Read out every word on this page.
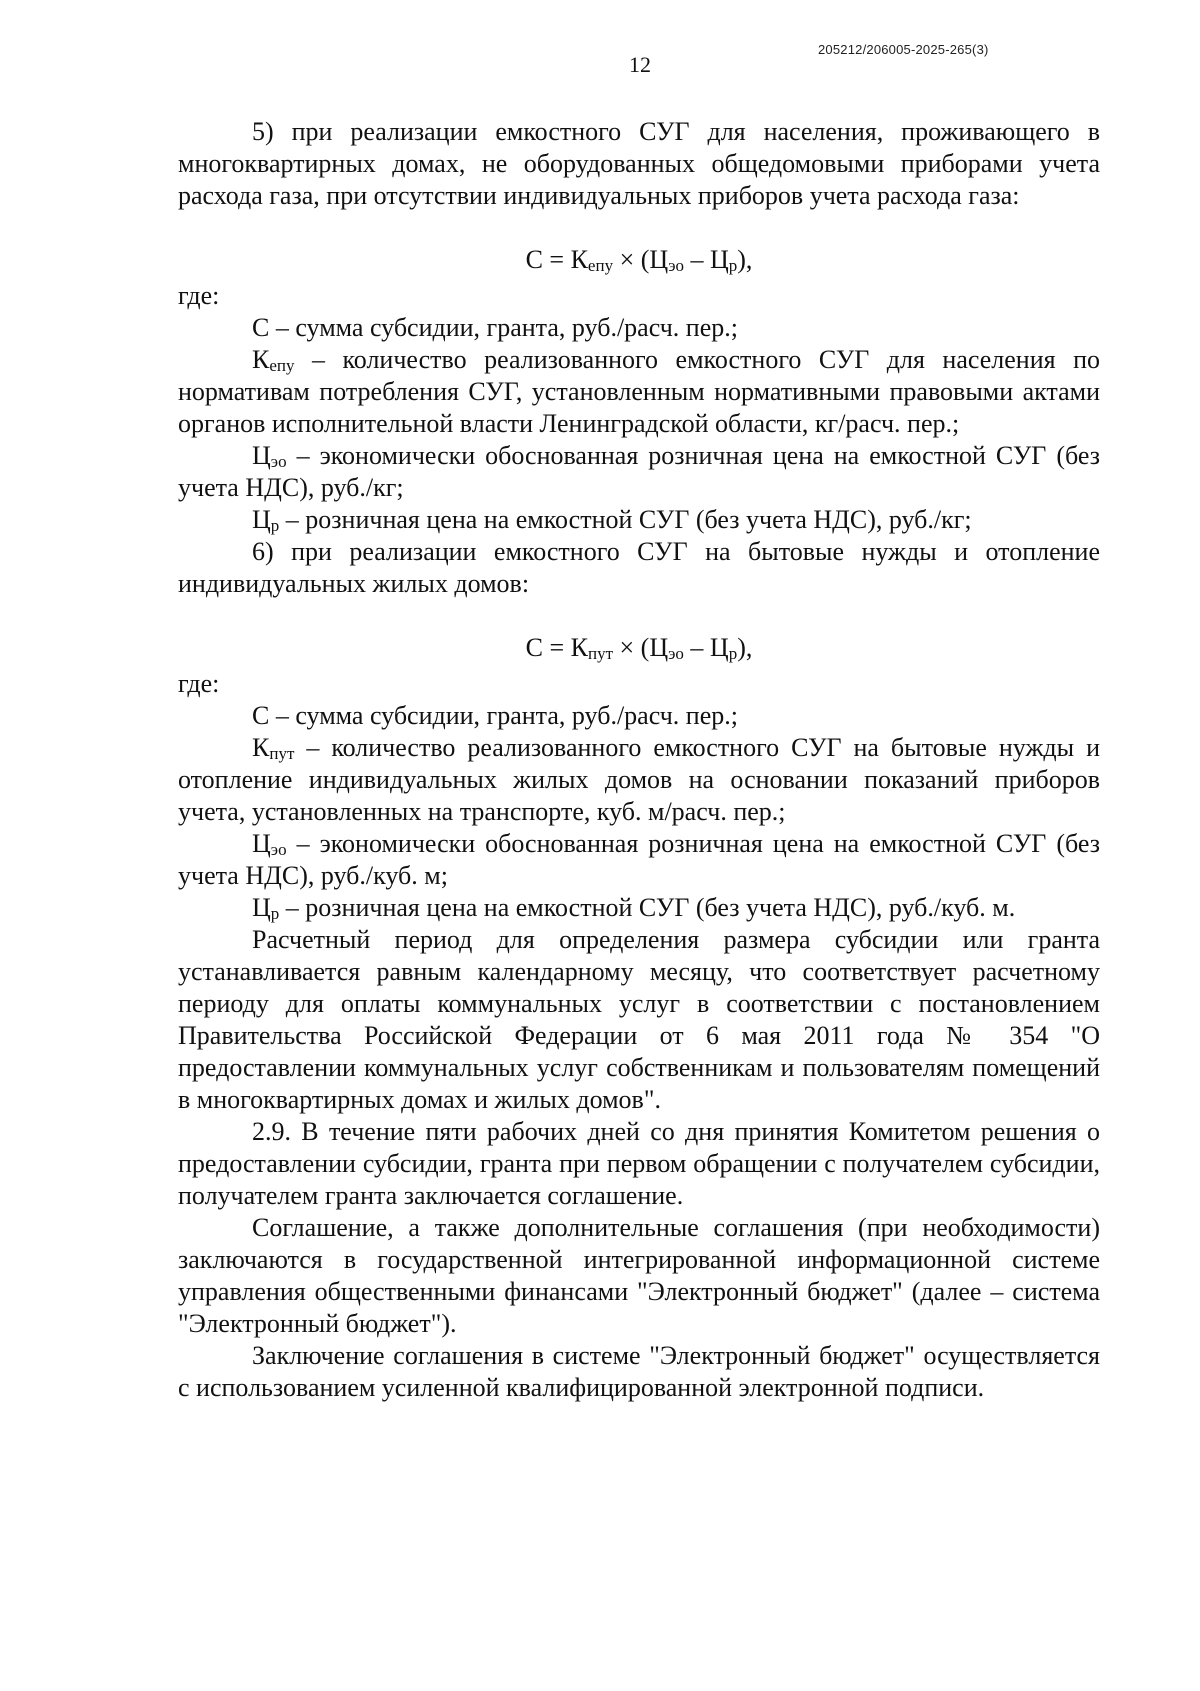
12
205212/206005-2025-265(3)

5) при реализации емкостного СУГ для населения, проживающего в многоквартирных домах, не оборудованных общедомовыми приборами учета расхода газа, при отсутствии индивидуальных приборов учета расхода газа:

$С = К_{епу} \times (Ц_{эо} - Ц_р)$,

где:

С – сумма субсидии, гранта, руб./расч. пер.;

$К_{епу}$ – количество реализованного емкостного СУГ для населения по нормативам потребления СУГ, установленным нормативными правовыми актами органов исполнительной власти Ленинградской области, кг/расч. пер.;

$Ц_{эо}$ – экономически обоснованная розничная цена на емкостной СУГ (без учета НДС), руб./кг;

$Ц_р$ – розничная цена на емкостной СУГ (без учета НДС), руб./кг;

6) при реализации емкостного СУГ на бытовые нужды и отопление индивидуальных жилых домов:

$С = К_{пут} \times (Ц_{эо} - Ц_р)$,

где:

С – сумма субсидии, гранта, руб./расч. пер.;

$К_{пут}$ – количество реализованного емкостного СУГ на бытовые нужды и отопление индивидуальных жилых домов на основании показаний приборов учета, установленных на транспорте, куб. м/расч. пер.;

$Ц_{эо}$ – экономически обоснованная розничная цена на емкостной СУГ (без учета НДС), руб./куб. м;

$Ц_р$ – розничная цена на емкостной СУГ (без учета НДС), руб./куб. м.

Расчетный период для определения размера субсидии или гранта устанавливается равным календарному месяцу, что соответствует расчетному периоду для оплаты коммунальных услуг в соответствии с постановлением Правительства Российской Федерации от 6 мая 2011 года № 354 "О предоставлении коммунальных услуг собственникам и пользователям помещений в многоквартирных домах и жилых домов".

2.9. В течение пяти рабочих дней со дня принятия Комитетом решения о предоставлении субсидии, гранта при первом обращении с получателем субсидии, получателем гранта заключается соглашение.

Соглашение, а также дополнительные соглашения (при необходимости) заключаются в государственной интегрированной информационной системе управления общественными финансами "Электронный бюджет" (далее – система "Электронный бюджет").

Заключение соглашения в системе "Электронный бюджет" осуществляется с использованием усиленной квалифицированной электронной подписи.
